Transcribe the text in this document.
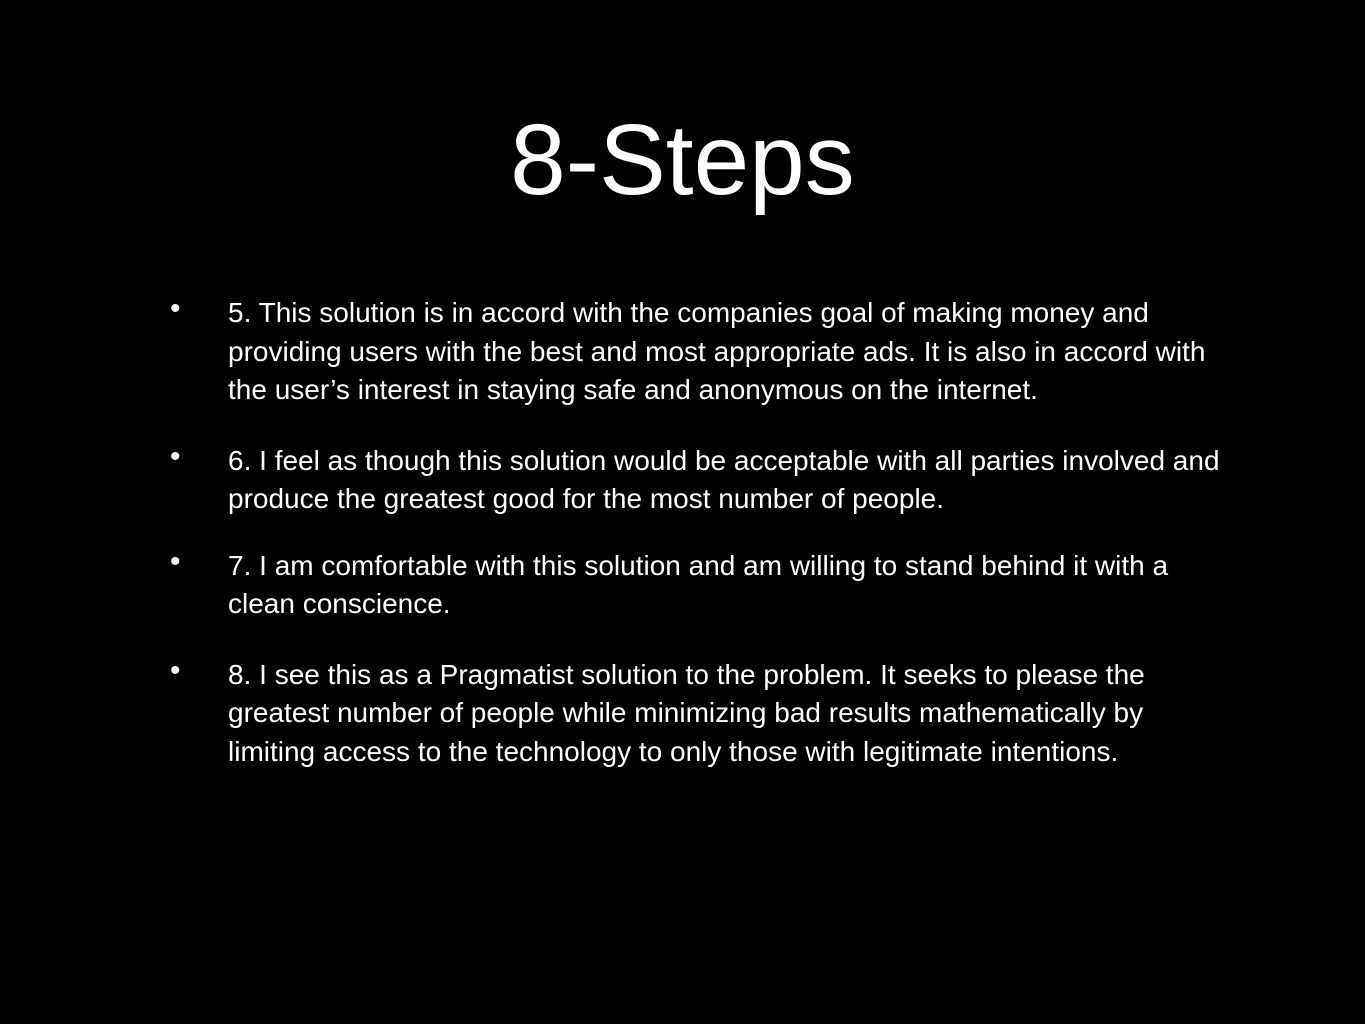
8-Steps
•	5. This solution is in accord with the companies goal of making money and providing users with the best and most appropriate ads. It is also in accord with the user’s interest in staying safe and anonymous on the internet.
•	6. I feel as though this solution would be acceptable with all parties involved and produce the greatest good for the most number of people.
•	7. I am comfortable with this solution and am willing to stand behind it with a clean conscience.
•	8. I see this as a Pragmatist solution to the problem. It seeks to please the greatest number of people while minimizing bad results mathematically by limiting access to the technology to only those with legitimate intentions.
